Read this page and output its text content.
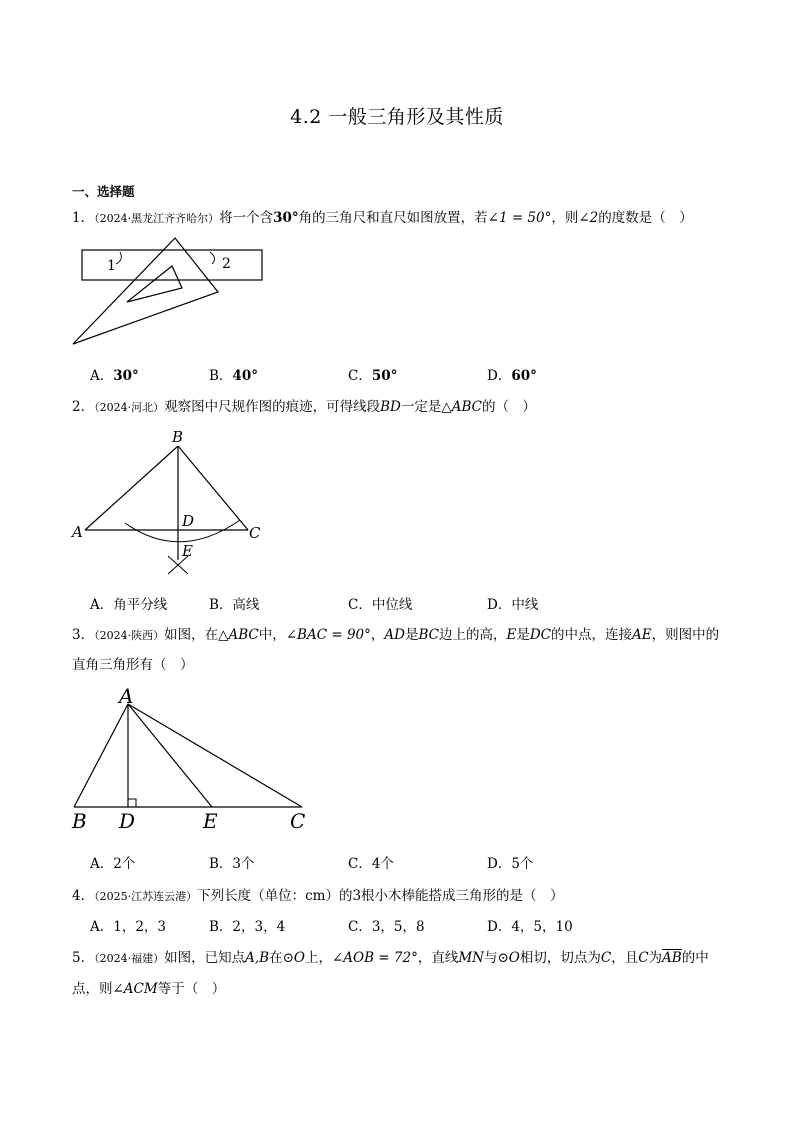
4.2 一般三角形及其性质
一、选择题
1．（2024·黑龙江齐齐哈尔）将一个含30°角的三角尺和直尺如图放置，若∠1 = 50°，则∠2的度数是（　）
1	2
A．30°	B．40°	C．50°	D．60°
2．（2024·河北）观察图中尺规作图的痕迹，可得线段BD一定是△ABC的（　）
B
A	C
D
E
A．角平分线	B．高线	C．中位线	D．中线
3．（2024·陕西）如图，在△ABC中，∠BAC = 90°，AD是BC边上的高，E是DC的中点，连接AE，则图中的
直角三角形有（　）
A
B D	E	C
A．2个	B．3个	C．4个	D．5个
4．（2025·江苏连云港）下列长度（单位：cm）的3根小木棒能搭成三角形的是（　）
A．1，2，3	B．2，3，4	C．3，5，8	D．4，5，10
5．（2024·福建）如图，已知点A,B在⊙O上，∠AOB = 72°，直线MN与⊙O相切，切点为C，且C为$\overline{AB}$的中
点，则∠ACM等于（　）
